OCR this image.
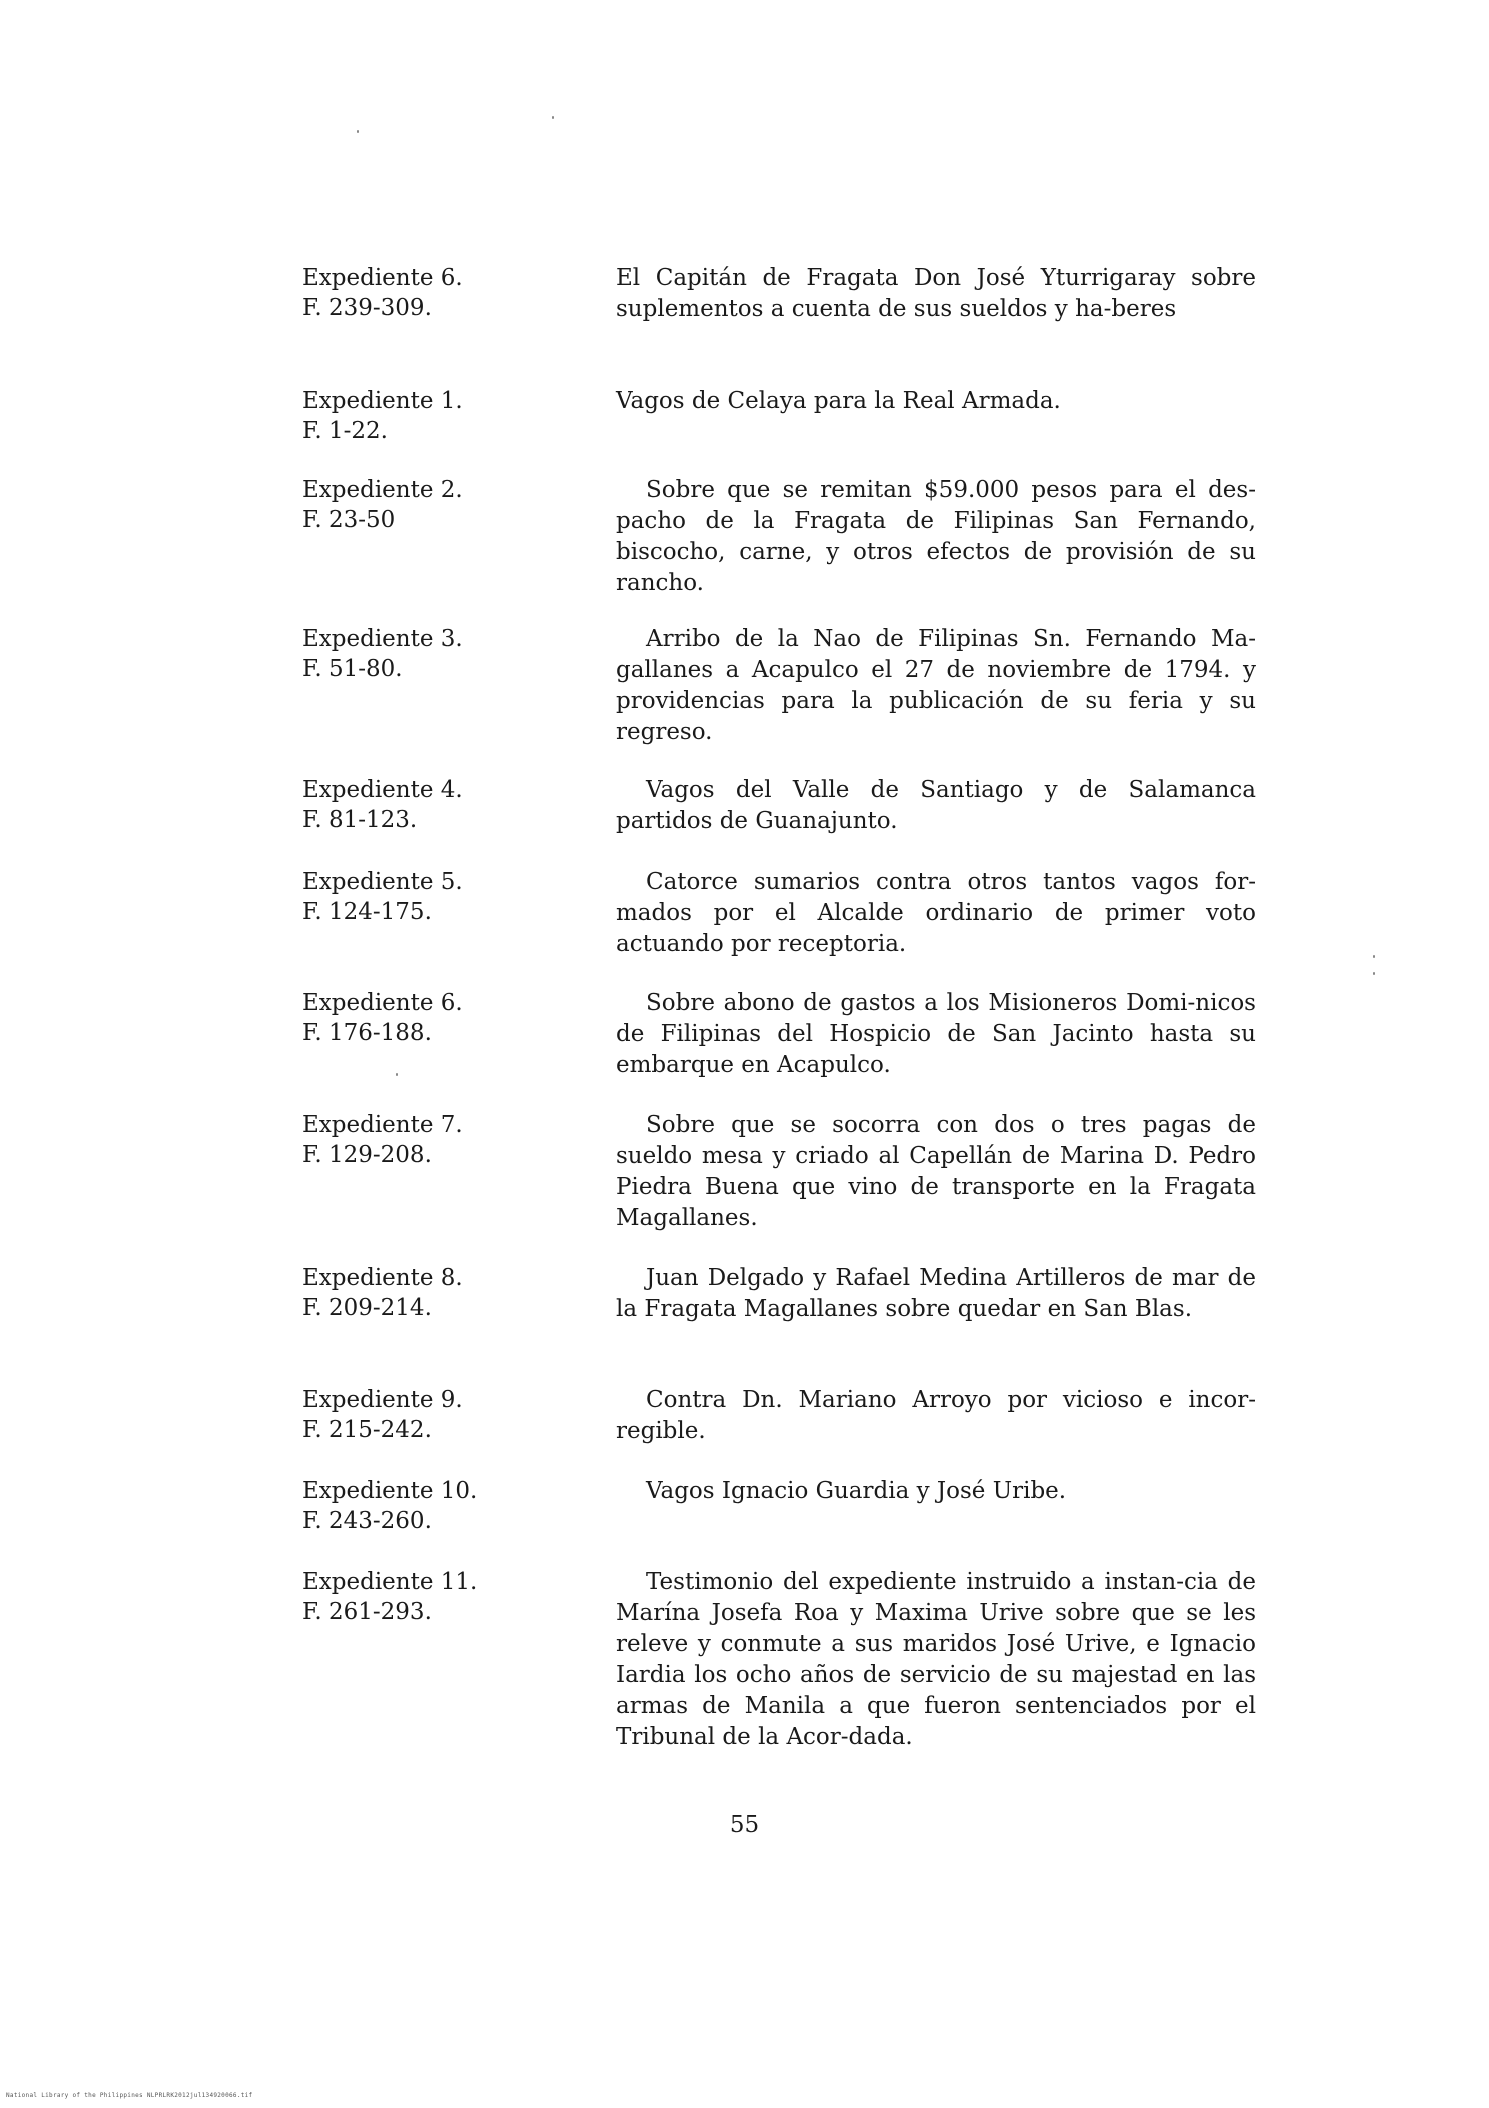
Expediente 6.
F. 239-309.
El Capitán de Fragata Don José Yturrigaray sobre suplementos a cuenta de sus sueldos y ha-beres
Expediente 1.
F. 1-22.
Vagos de Celaya para la Real Armada.
Expediente 2.
F. 23-50
Sobre que se remitan $59.000 pesos para el des-pacho de la Fragata de Filipinas San Fernando, biscocho, carne, y otros efectos de provisión de su rancho.
Expediente 3.
F. 51-80.
Arribo de la Nao de Filipinas Sn. Fernando Ma-gallanes a Acapulco el 27 de noviembre de 1794. y providencias para la publicación de su feria y su regreso.
Expediente 4.
F. 81-123.
Vagos del Valle de Santiago y de Salamanca partidos de Guanajunto.
Expediente 5.
F. 124-175.
Catorce sumarios contra otros tantos vagos for-mados por el Alcalde ordinario de primer voto actuando por receptoria.
Expediente 6.
F. 176-188.
Sobre abono de gastos a los Misioneros Domi-nicos de Filipinas del Hospicio de San Jacinto hasta su embarque en Acapulco.
Expediente 7.
F. 129-208.
Sobre que se socorra con dos o tres pagas de sueldo mesa y criado al Capellán de Marina D. Pedro Piedra Buena que vino de transporte en la Fragata Magallanes.
Expediente 8.
F. 209-214.
Juan Delgado y Rafael Medina Artilleros de mar de la Fragata Magallanes sobre quedar en San Blas.
Expediente 9.
F. 215-242.
Contra Dn. Mariano Arroyo por vicioso e incor-regible.
Expediente 10.
F. 243-260.
Vagos Ignacio Guardia y José Uribe.
Expediente 11.
F. 261-293.
Testimonio del expediente instruido a instan-cia de Marína Josefa Roa y Maxima Urive sobre que se les releve y conmute a sus maridos José Urive, e Ignacio Iardia los ocho años de servicio de su majestad en las armas de Manila a que fueron sentenciados por el Tribunal de la Acor-dada.
55
National Library of the Philippines NLPRLRK2012jul134920066.tif
